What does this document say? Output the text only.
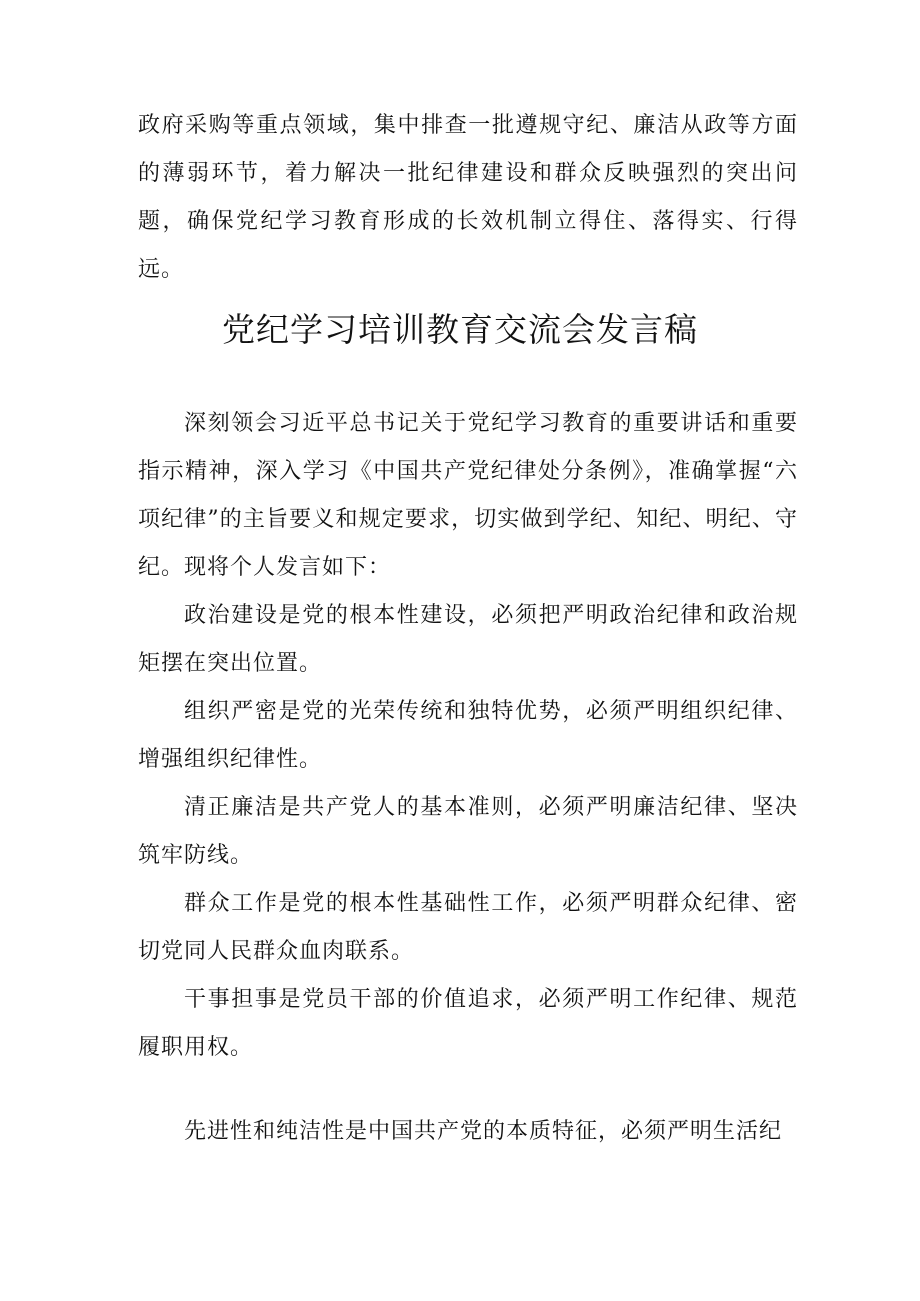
政府采购等重点领域，集中排查一批遵规守纪、廉洁从政等方面的薄弱环节，着力解决一批纪律建设和群众反映强烈的突出问题，确保党纪学习教育形成的长效机制立得住、落得实、行得远。

党纪学习培训教育交流会发言稿

深刻领会习近平总书记关于党纪学习教育的重要讲话和重要指示精神，深入学习《中国共产党纪律处分条例》，准确掌握“六项纪律”的主旨要义和规定要求，切实做到学纪、知纪、明纪、守纪。现将个人发言如下：

政治建设是党的根本性建设，必须把严明政治纪律和政治规矩摆在突出位置。

组织严密是党的光荣传统和独特优势，必须严明组织纪律、增强组织纪律性。

清正廉洁是共产党人的基本准则，必须严明廉洁纪律、坚决筑牢防线。

群众工作是党的根本性基础性工作，必须严明群众纪律、密切党同人民群众血肉联系。

干事担事是党员干部的价值追求，必须严明工作纪律、规范履职用权。

先进性和纯洁性是中国共产党的本质特征，必须严明生活纪
